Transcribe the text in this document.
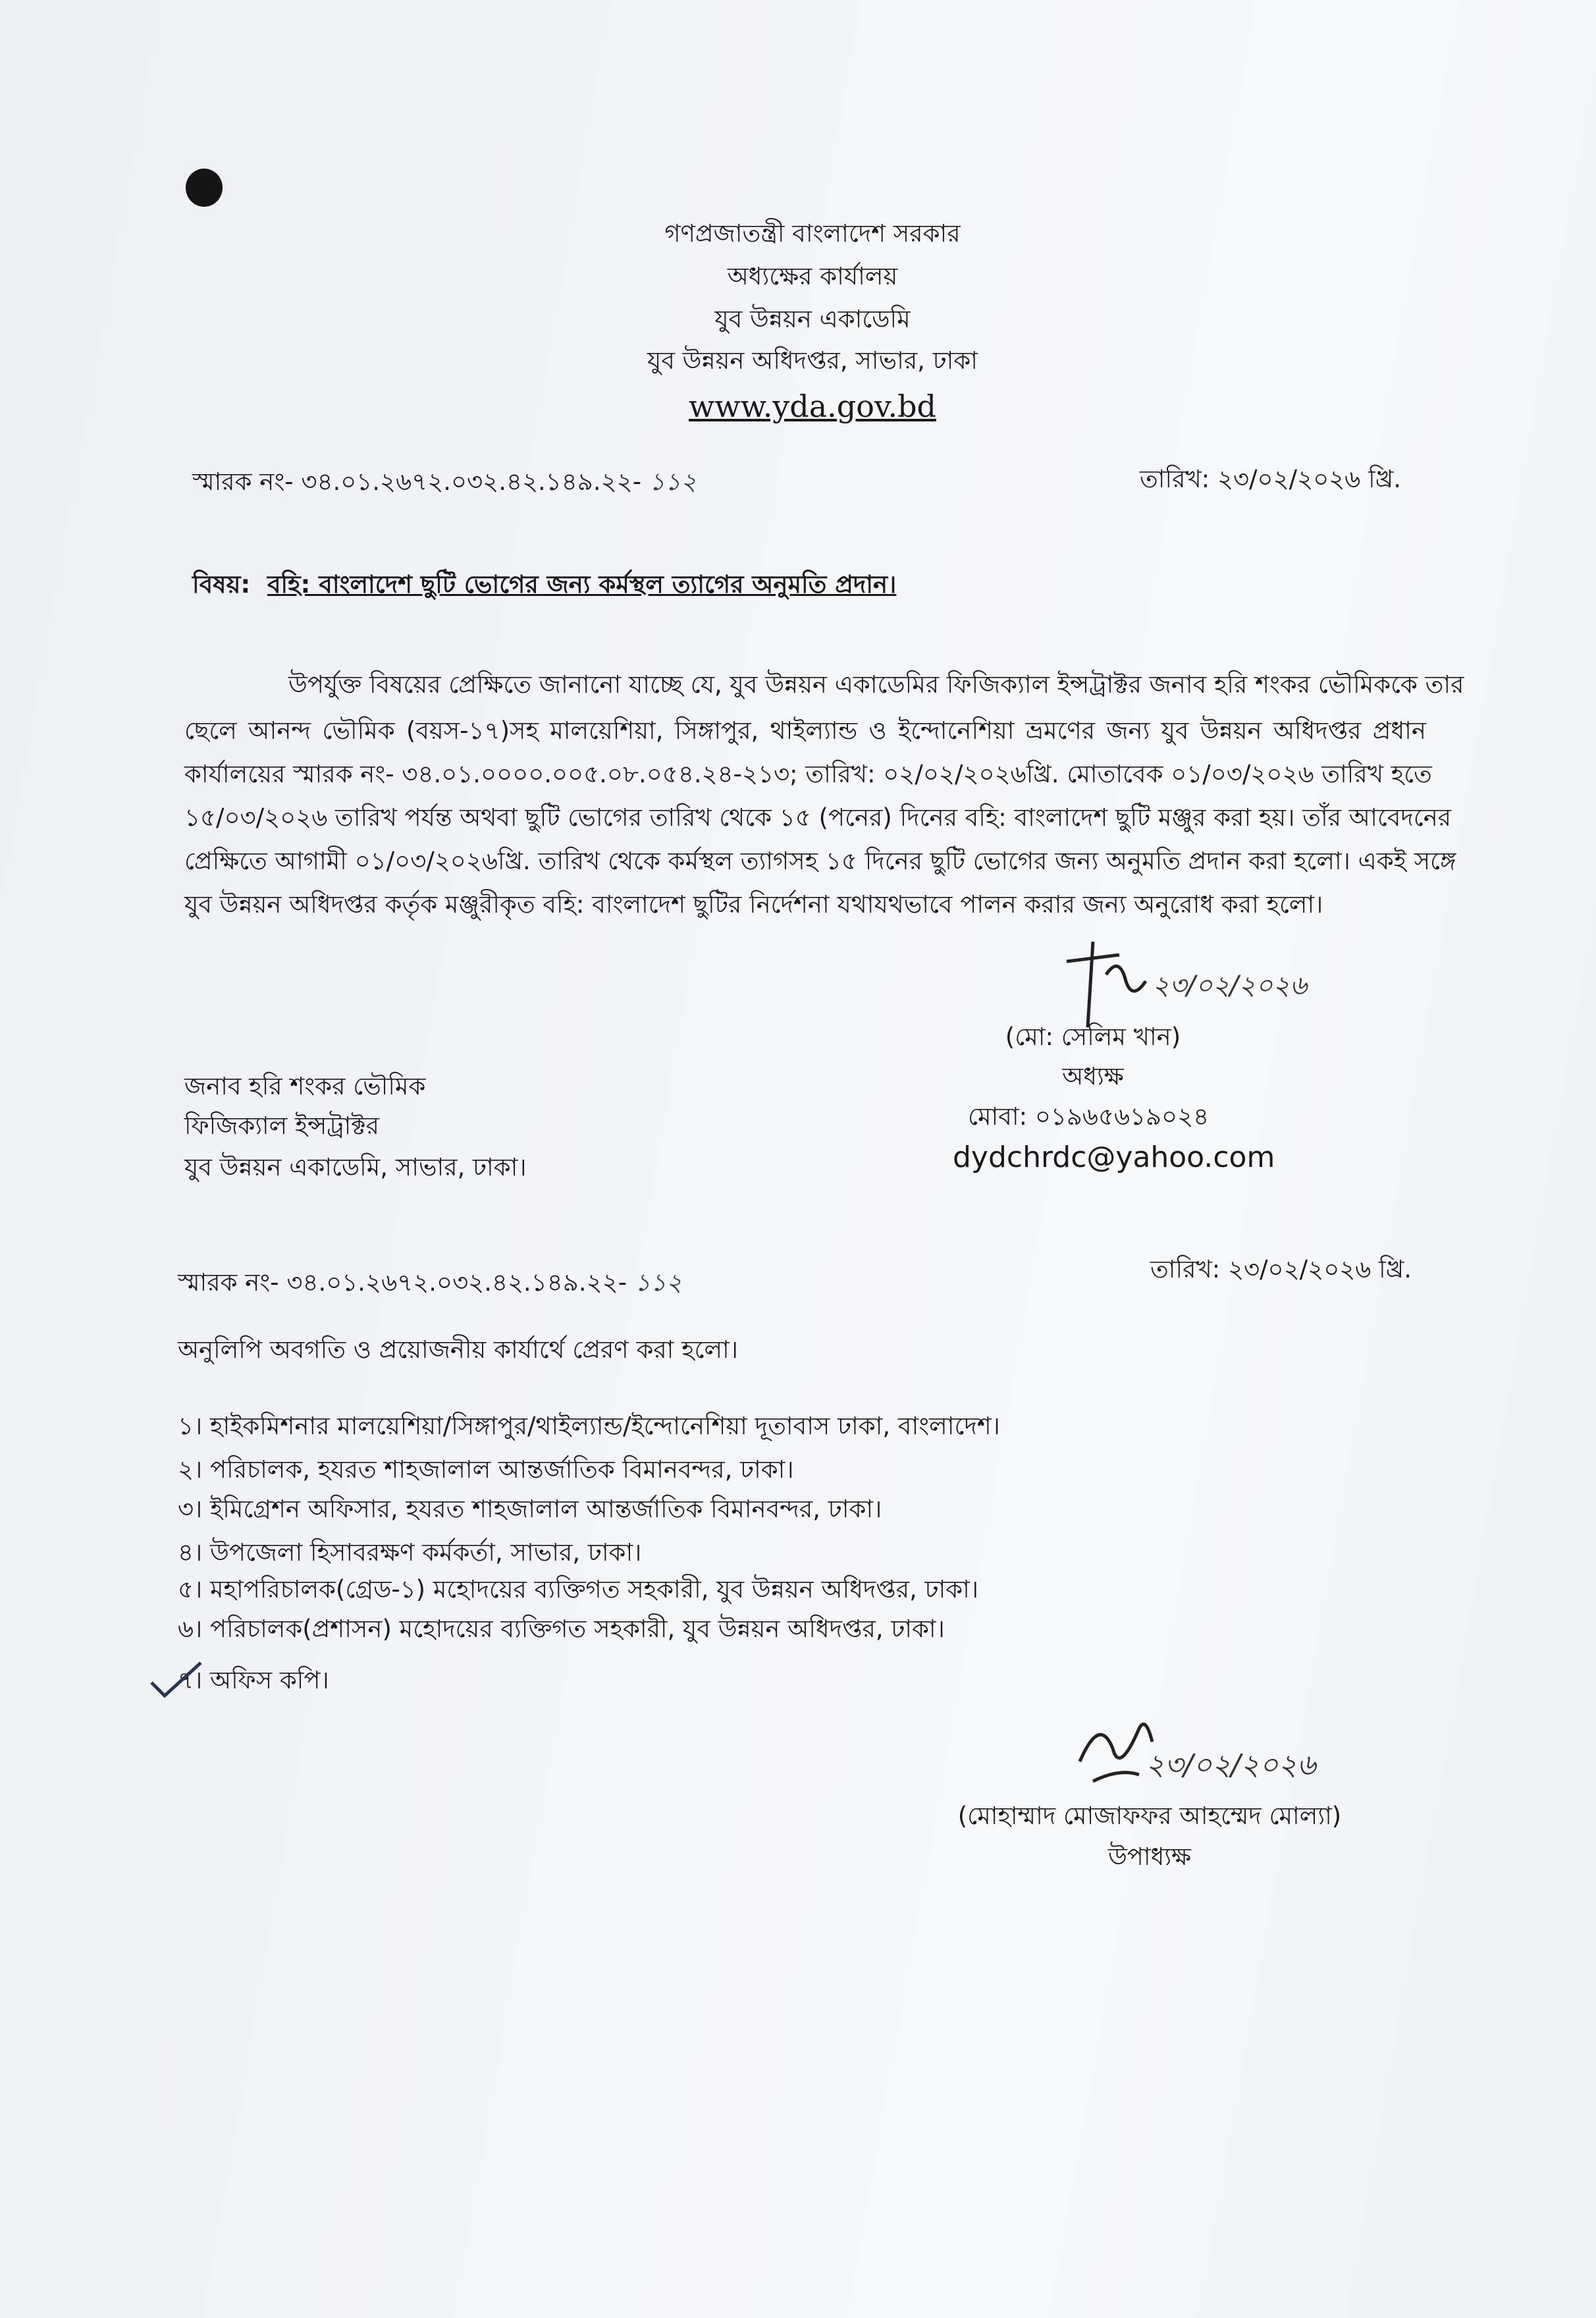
গণপ্রজাতন্ত্রী বাংলাদেশ সরকার
অধ্যক্ষের কার্যালয়
যুব উন্নয়ন একাডেমি
যুব উন্নয়ন অধিদপ্তর, সাভার, ঢাকা
www.yda.gov.bd
স্মারক নং- ৩৪.০১.২৬৭২.০৩২.৪২.১৪৯.২২- ১১২	তারিখ: ২৩/০২/২০২৬ খ্রি.
বিষয়: বহি: বাংলাদেশ ছুটি ভোগের জন্য কর্মস্থল ত্যাগের অনুমতি প্রদান।
উপর্যুক্ত বিষয়ের প্রেক্ষিতে জানানো যাচ্ছে যে, যুব উন্নয়ন একাডেমির ফিজিক্যাল ইন্সট্রাক্টর জনাব হরি শংকর ভৌমিককে তার
ছেলে আনন্দ ভৌমিক (বয়স-১৭)সহ মালয়েশিয়া, সিঙ্গাপুর, থাইল্যান্ড ও ইন্দোনেশিয়া ভ্রমণের জন্য যুব উন্নয়ন অধিদপ্তর প্রধান
কার্যালয়ের স্মারক নং- ৩৪.০১.০০০০.০০৫.০৮.০৫৪.২৪-২১৩; তারিখ: ০২/০২/২০২৬খ্রি. মোতাবেক ০১/০৩/২০২৬ তারিখ হতে
১৫/০৩/২০২৬ তারিখ পর্যন্ত অথবা ছুটি ভোগের তারিখ থেকে ১৫ (পনের) দিনের বহি: বাংলাদেশ ছুটি মঞ্জুর করা হয়। তাঁর আবেদনের
প্রেক্ষিতে আগামী ০১/০৩/২০২৬খ্রি. তারিখ থেকে কর্মস্থল ত্যাগসহ ১৫ দিনের ছুটি ভোগের জন্য অনুমতি প্রদান করা হলো। একই সঙ্গে
যুব উন্নয়ন অধিদপ্তর কর্তৃক মঞ্জুরীকৃত বহি: বাংলাদেশ ছুটির নির্দেশনা যথাযথভাবে পালন করার জন্য অনুরোধ করা হলো।
২৩/০২/২০২৬
(মো: সেলিম খান)
অধ্যক্ষ
মোবা: ০১৯৬৫৬১৯০২৪
dydchrdc@yahoo.com
জনাব হরি শংকর ভৌমিক
ফিজিক্যাল ইন্সট্রাক্টর
যুব উন্নয়ন একাডেমি, সাভার, ঢাকা।
স্মারক নং- ৩৪.০১.২৬৭২.০৩২.৪২.১৪৯.২২- ১১২	তারিখ: ২৩/০২/২০২৬ খ্রি.
অনুলিপি অবগতি ও প্রয়োজনীয় কার্যার্থে প্রেরণ করা হলো।
১। হাইকমিশনার মালয়েশিয়া/সিঙ্গাপুর/থাইল্যান্ড/ইন্দোনেশিয়া দূতাবাস ঢাকা, বাংলাদেশ।
২। পরিচালক, হযরত শাহজালাল আন্তর্জাতিক বিমানবন্দর, ঢাকা।
৩। ইমিগ্রেশন অফিসার, হযরত শাহজালাল আন্তর্জাতিক বিমানবন্দর, ঢাকা।
৪। উপজেলা হিসাবরক্ষণ কর্মকর্তা, সাভার, ঢাকা।
৫। মহাপরিচালক(গ্রেড-১) মহোদয়ের ব্যক্তিগত সহকারী, যুব উন্নয়ন অধিদপ্তর, ঢাকা।
৬। পরিচালক(প্রশাসন) মহোদয়ের ব্যক্তিগত সহকারী, যুব উন্নয়ন অধিদপ্তর, ঢাকা।
৭। অফিস কপি।
২৩/০২/২০২৬
(মোহাম্মাদ মোজাফফর আহম্মেদ মোল্যা)
উপাধ্যক্ষ
